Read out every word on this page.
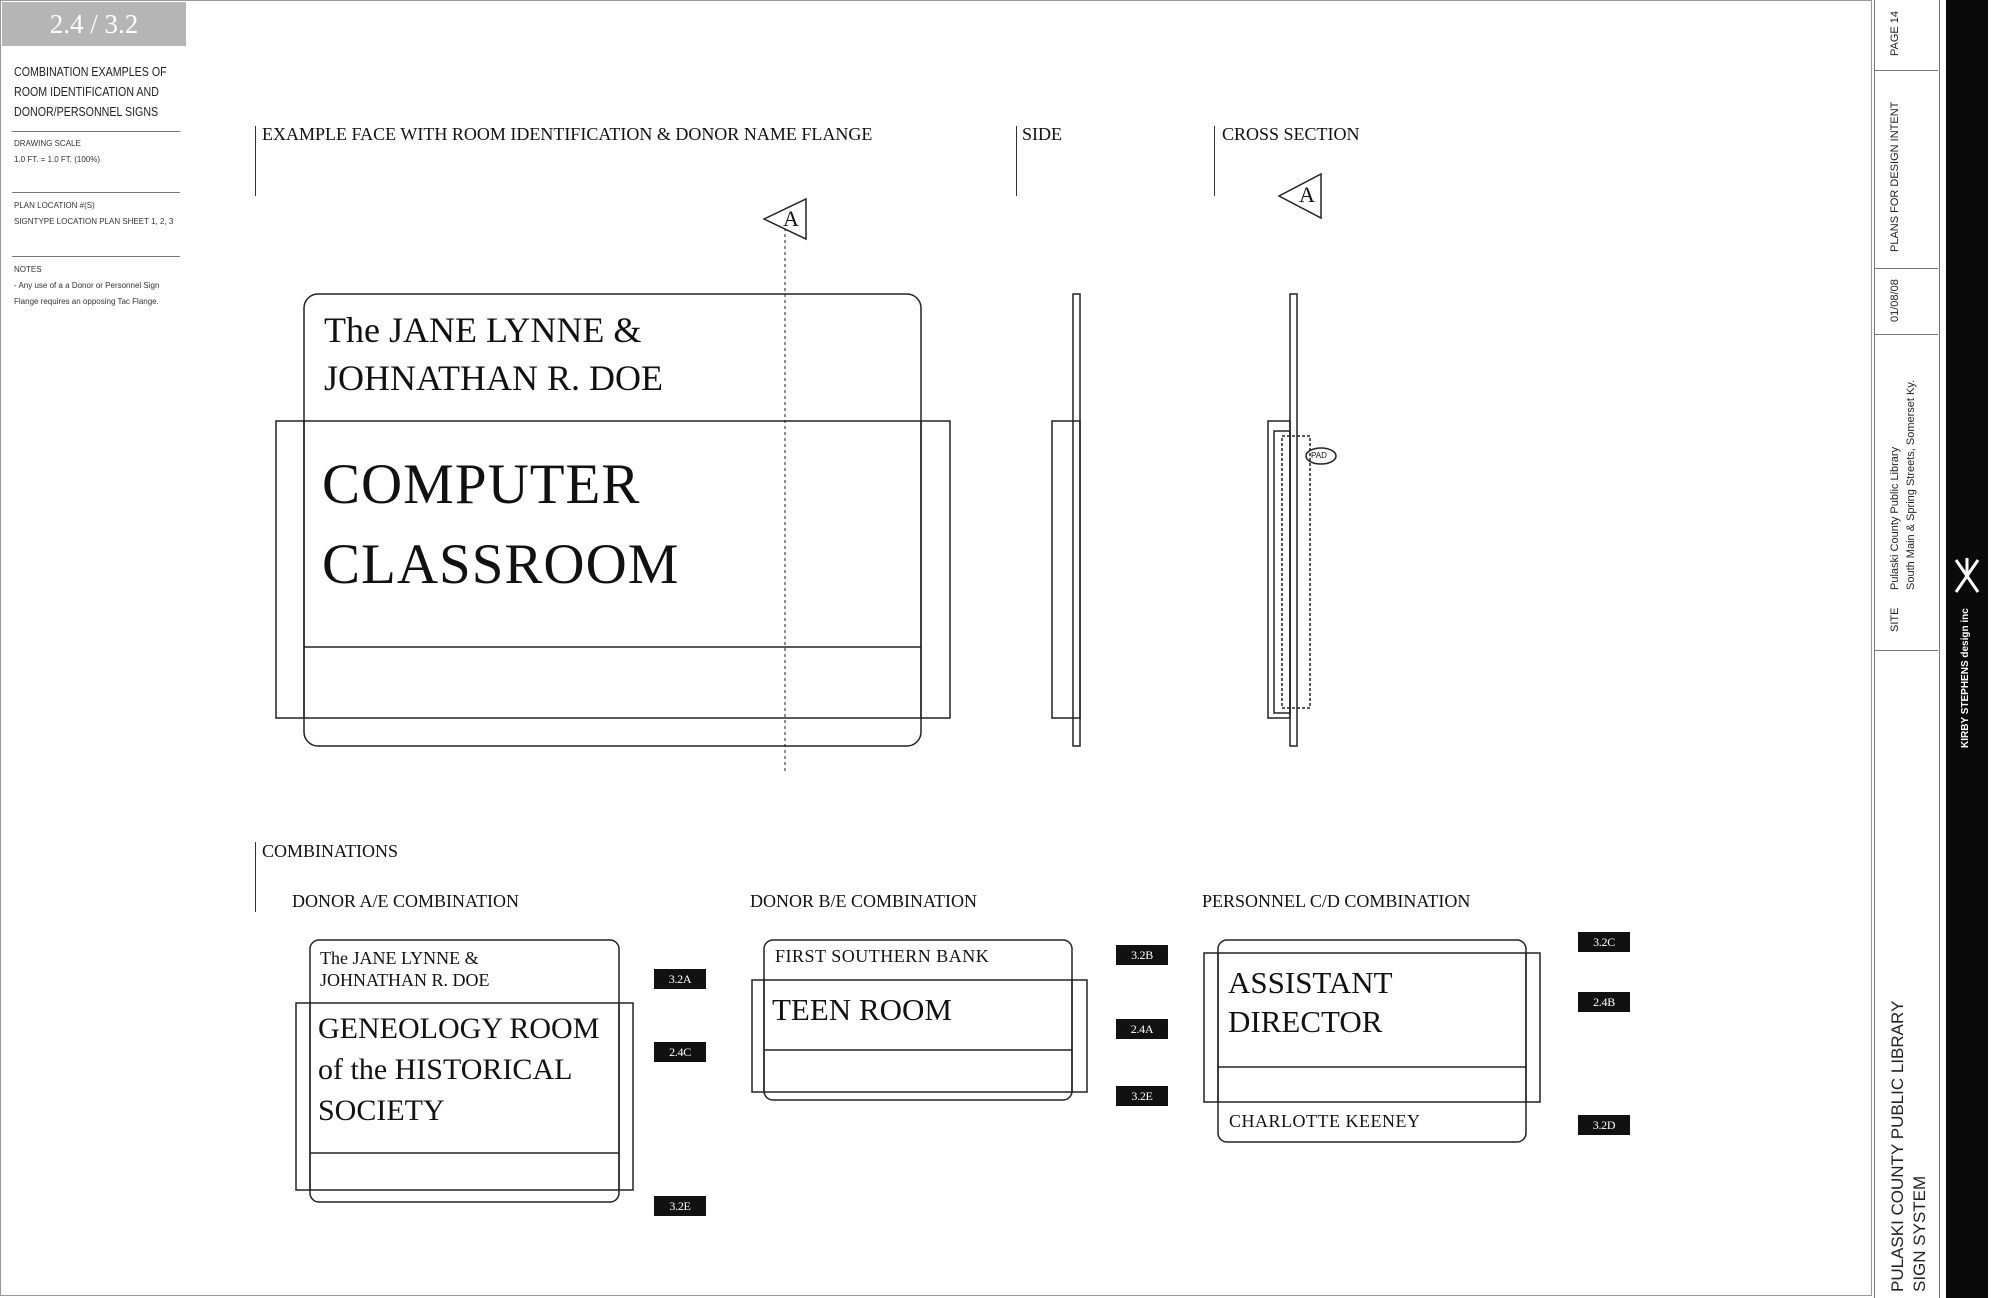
2.4 / 3.2
COMBINATION EXAMPLES OF ROOM IDENTIFICATION AND DONOR/PERSONNEL SIGNS
DRAWING SCALE
1.0 FT. = 1.0 FT. (100%)
PLAN LOCATION #(S)
SIGNTYPE LOCATION PLAN SHEET 1, 2, 3
NOTES
- Any use of a a Donor or Personnel Sign
Flange requires an opposing Tac Flange.
EXAMPLE FACE WITH ROOM IDENTIFICATION & DONOR NAME FLANGE	SIDE	CROSS SECTION
COMBINATIONS
A
A
PAD
The JANE LYNNE &
JOHNATHAN R. DOE
COMPUTER
CLASSROOM
DONOR A/E COMBINATION
The JANE LYNNE &
JOHNATHAN R. DOE
GENEOLOGY ROOM
of the HISTORICAL
SOCIETY
3.2A
2.4C
3.2E
DONOR B/E COMBINATION
FIRST SOUTHERN BANK
TEEN ROOM
3.2B
2.4A
3.2E
PERSONNEL C/D COMBINATION
ASSISTANT
DIRECTOR
CHARLOTTE KEENEY
3.2C
2.4B
3.2D
PAGE 14
PLANS FOR DESIGN INTENT
01/08/08
SITE
Pulaski County Public Library South Main & Spring Streets, Somerset Ky.
PULASKI COUNTY PUBLIC LIBRARY SIGN SYSTEM
KIRBY STEPHENS design inc
